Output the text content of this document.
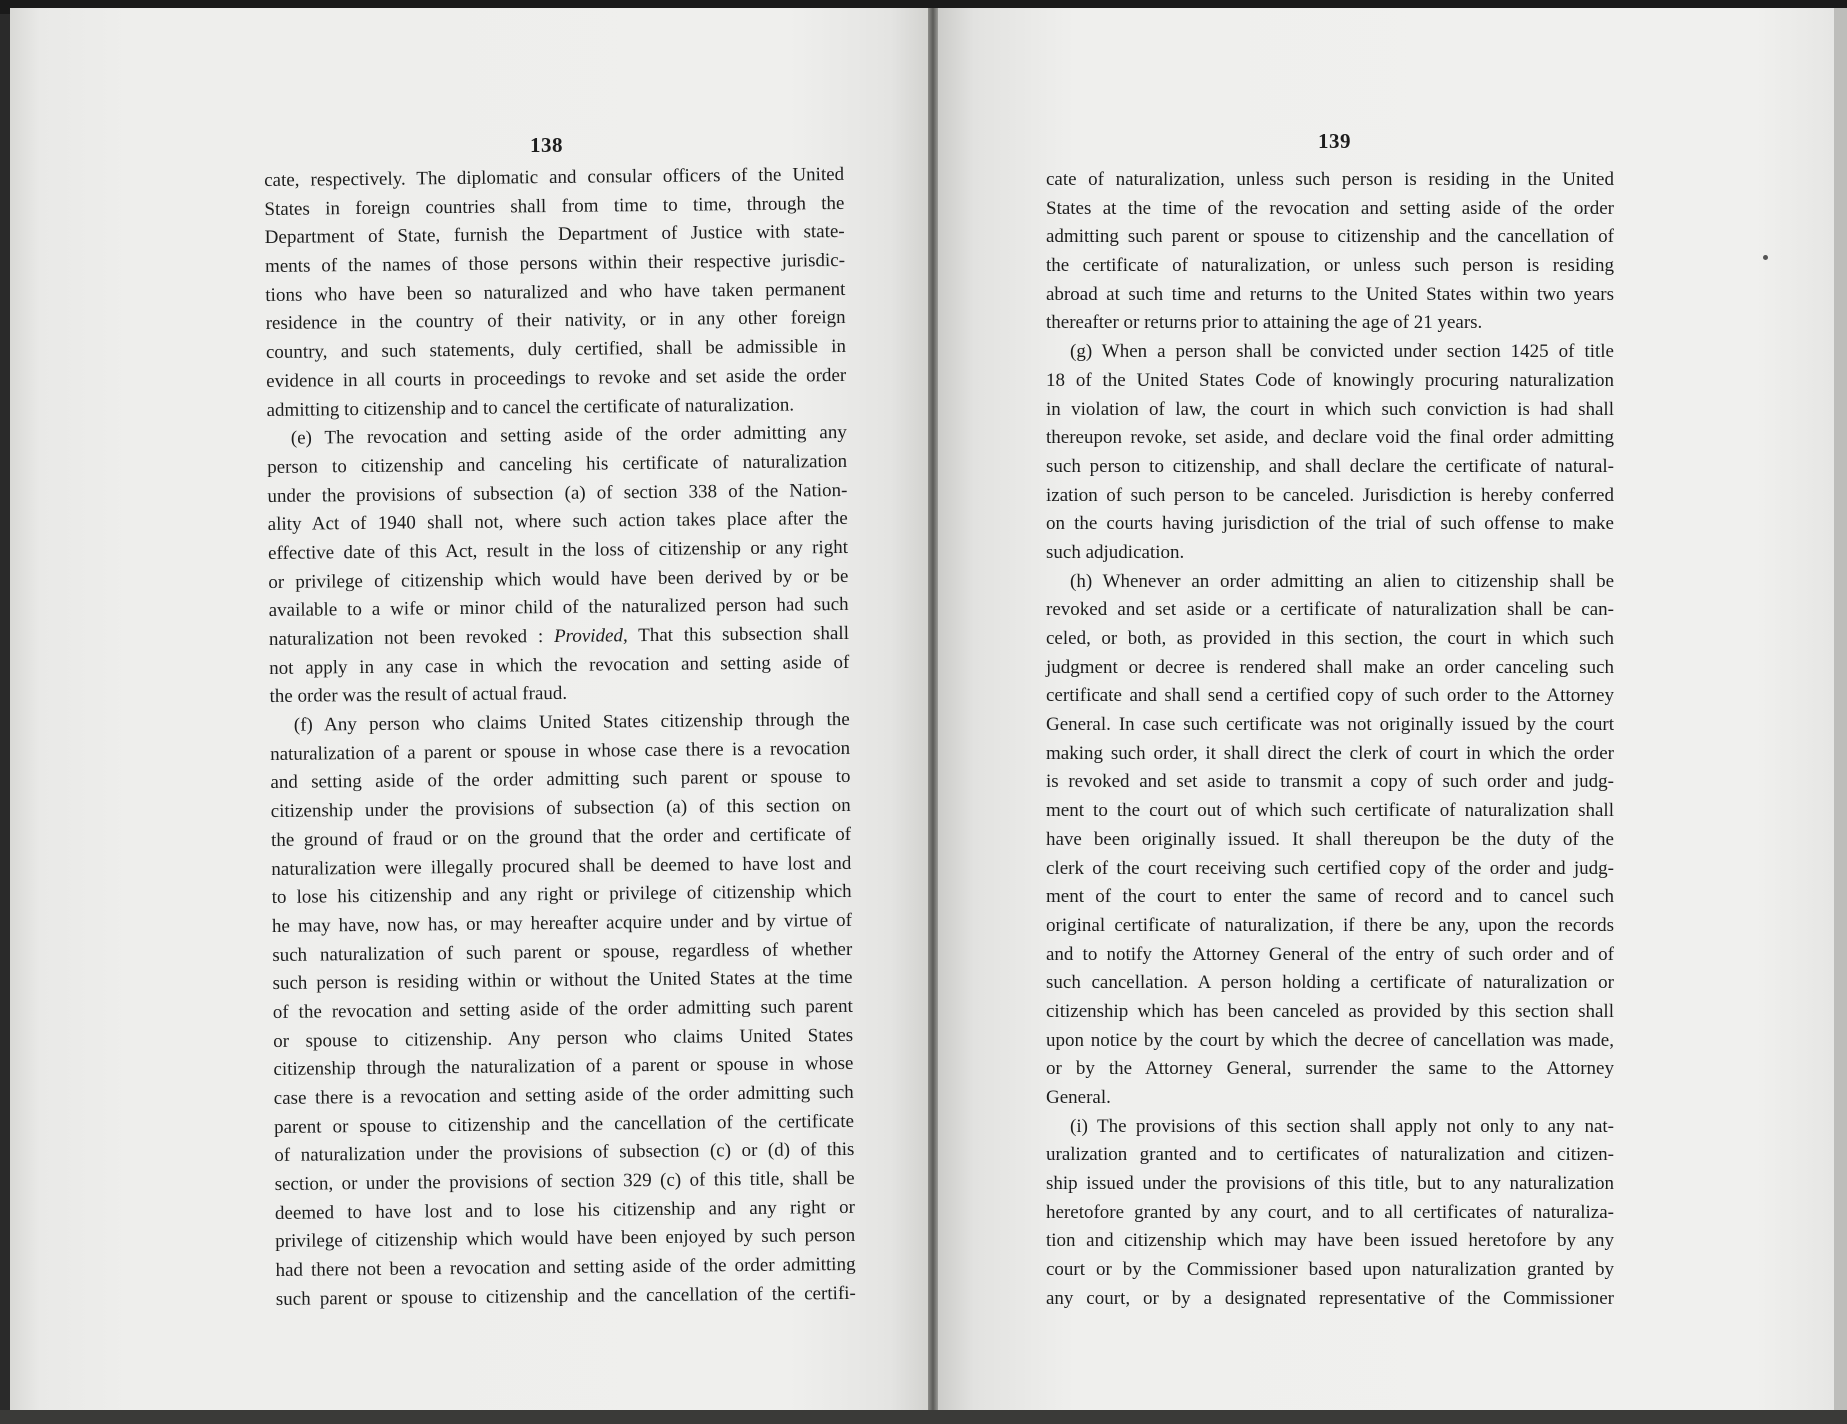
138	139
cate, respectively. The diplomatic and consular officers of the United
States in foreign countries shall from time to time, through the
Department of State, furnish the Department of Justice with state-
ments of the names of those persons within their respective jurisdic-
tions who have been so naturalized and who have taken permanent
residence in the country of their nativity, or in any other foreign
country, and such statements, duly certified, shall be admissible in
evidence in all courts in proceedings to revoke and set aside the order
admitting to citizenship and to cancel the certificate of naturalization.
(e) The revocation and setting aside of the order admitting any
person to citizenship and canceling his certificate of naturalization
under the provisions of subsection (a) of section 338 of the Nation-
ality Act of 1940 shall not, where such action takes place after the
effective date of this Act, result in the loss of citizenship or any right
or privilege of citizenship which would have been derived by or be
available to a wife or minor child of the naturalized person had such
naturalization not been revoked : Provided, That this subsection shall
not apply in any case in which the revocation and setting aside of
the order was the result of actual fraud.
(f) Any person who claims United States citizenship through the
naturalization of a parent or spouse in whose case there is a revocation
and setting aside of the order admitting such parent or spouse to
citizenship under the provisions of subsection (a) of this section on
the ground of fraud or on the ground that the order and certificate of
naturalization were illegally procured shall be deemed to have lost and
to lose his citizenship and any right or privilege of citizenship which
he may have, now has, or may hereafter acquire under and by virtue of
such naturalization of such parent or spouse, regardless of whether
such person is residing within or without the United States at the time
of the revocation and setting aside of the order admitting such parent
or spouse to citizenship. Any person who claims United States
citizenship through the naturalization of a parent or spouse in whose
case there is a revocation and setting aside of the order admitting such
parent or spouse to citizenship and the cancellation of the certificate
of naturalization under the provisions of subsection (c) or (d) of this
section, or under the provisions of section 329 (c) of this title, shall be
deemed to have lost and to lose his citizenship and any right or
privilege of citizenship which would have been enjoyed by such person
had there not been a revocation and setting aside of the order admitting
such parent or spouse to citizenship and the cancellation of the certifi-
cate of naturalization, unless such person is residing in the United
States at the time of the revocation and setting aside of the order
admitting such parent or spouse to citizenship and the cancellation of
the certificate of naturalization, or unless such person is residing
abroad at such time and returns to the United States within two years
thereafter or returns prior to attaining the age of 21 years.
(g) When a person shall be convicted under section 1425 of title
18 of the United States Code of knowingly procuring naturalization
in violation of law, the court in which such conviction is had shall
thereupon revoke, set aside, and declare void the final order admitting
such person to citizenship, and shall declare the certificate of natural-
ization of such person to be canceled. Jurisdiction is hereby conferred
on the courts having jurisdiction of the trial of such offense to make
such adjudication.
(h) Whenever an order admitting an alien to citizenship shall be
revoked and set aside or a certificate of naturalization shall be can-
celed, or both, as provided in this section, the court in which such
judgment or decree is rendered shall make an order canceling such
certificate and shall send a certified copy of such order to the Attorney
General. In case such certificate was not originally issued by the court
making such order, it shall direct the clerk of court in which the order
is revoked and set aside to transmit a copy of such order and judg-
ment to the court out of which such certificate of naturalization shall
have been originally issued. It shall thereupon be the duty of the
clerk of the court receiving such certified copy of the order and judg-
ment of the court to enter the same of record and to cancel such
original certificate of naturalization, if there be any, upon the records
and to notify the Attorney General of the entry of such order and of
such cancellation. A person holding a certificate of naturalization or
citizenship which has been canceled as provided by this section shall
upon notice by the court by which the decree of cancellation was made,
or by the Attorney General, surrender the same to the Attorney
General.
(i) The provisions of this section shall apply not only to any nat-
uralization granted and to certificates of naturalization and citizen-
ship issued under the provisions of this title, but to any naturalization
heretofore granted by any court, and to all certificates of naturaliza-
tion and citizenship which may have been issued heretofore by any
court or by the Commissioner based upon naturalization granted by
any court, or by a designated representative of the Commissioner
